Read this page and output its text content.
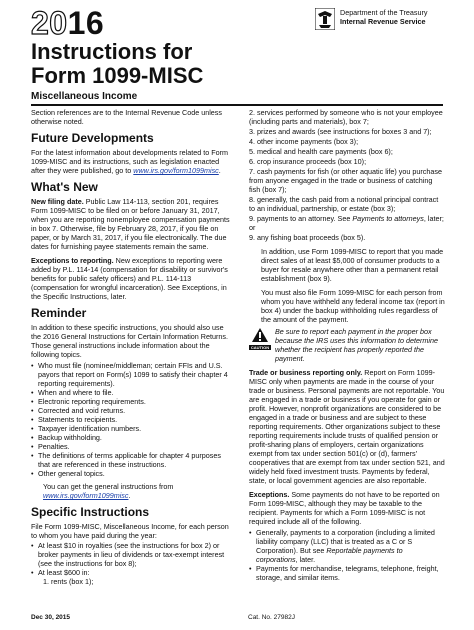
2016
Instructions for
Form 1099-MISC
Miscellaneous Income
Department of the Treasury
Internal Revenue Service
Section references are to the Internal Revenue Code unless otherwise noted.
Future Developments
For the latest information about developments related to Form 1099-MISC and its instructions, such as legislation enacted after they were published, go to www.irs.gov/form1099misc.
What's New
New filing date. Public Law 114-113, section 201, requires Form 1099-MISC to be filed on or before January 31, 2017, when you are reporting nonemployee compensation payments in box 7. Otherwise, file by February 28, 2017, if you file on paper, or by March 31, 2017, if you file electronically. The due dates for furnishing payee statements remain the same.
Exceptions to reporting. New exceptions to reporting were added by P.L. 114-14 (compensation for disability or survivor's benefits for public safety officers) and P.L. 114-113 (compensation for wrongful incarceration). See Exceptions, in the Specific Instructions, later.
Reminder
In addition to these specific instructions, you should also use the 2016 General Instructions for Certain Information Returns. Those general instructions include information about the following topics.
• Who must file (nominee/middleman; certain FFIs and U.S. payors that report on Form(s) 1099 to satisfy their chapter 4 reporting requirements).
• When and where to file.
• Electronic reporting requirements.
• Corrected and void returns.
• Statements to recipients.
• Taxpayer identification numbers.
• Backup withholding.
• Penalties.
• The definitions of terms applicable for chapter 4 purposes that are referenced in these instructions.
• Other general topics.
You can get the general instructions from www.irs.gov/form1099misc.
Specific Instructions
File Form 1099-MISC, Miscellaneous Income, for each person to whom you have paid during the year:
• At least $10 in royalties (see the instructions for box 2) or broker payments in lieu of dividends or tax-exempt interest (see the instructions for box 8);
• At least $600 in:
1. rents (box 1);
2. services performed by someone who is not your employee (including parts and materials), box 7;
3. prizes and awards (see instructions for boxes 3 and 7);
4. other income payments (box 3);
5. medical and health care payments (box 6);
6. crop insurance proceeds (box 10);
7. cash payments for fish (or other aquatic life) you purchase from anyone engaged in the trade or business of catching fish (box 7);
8. generally, the cash paid from a notional principal contract to an individual, partnership, or estate (box 3);
9. payments to an attorney. See Payments to attorneys, later; or
9. any fishing boat proceeds (box 5).
In addition, use Form 1099-MISC to report that you made direct sales of at least $5,000 of consumer products to a buyer for resale anywhere other than a permanent retail establishment (box 9).
You must also file Form 1099-MISC for each person from whom you have withheld any federal income tax (report in box 4) under the backup withholding rules regardless of the amount of the payment.
CAUTION
Be sure to report each payment in the proper box because the IRS uses this information to determine whether the recipient has properly reported the payment.
Trade or business reporting only. Report on Form 1099-MISC only when payments are made in the course of your trade or business. Personal payments are not reportable. You are engaged in a trade or business if you operate for gain or profit. However, nonprofit organizations are considered to be engaged in a trade or business and are subject to these reporting requirements. Other organizations subject to these reporting requirements include trusts of qualified pension or profit-sharing plans of employers, certain organizations exempt from tax under section 501(c) or (d), farmers' cooperatives that are exempt from tax under section 521, and widely held fixed investment trusts. Payments by federal, state, or local government agencies are also reportable.
Exceptions. Some payments do not have to be reported on Form 1099-MISC, although they may be taxable to the recipient. Payments for which a Form 1099-MISC is not required include all of the following.
• Generally, payments to a corporation (including a limited liability company (LLC) that is treated as a C or S Corporation). But see Reportable payments to corporations, later.
• Payments for merchandise, telegrams, telephone, freight, storage, and similar items.
Dec 30, 2015	Cat. No. 27982J
